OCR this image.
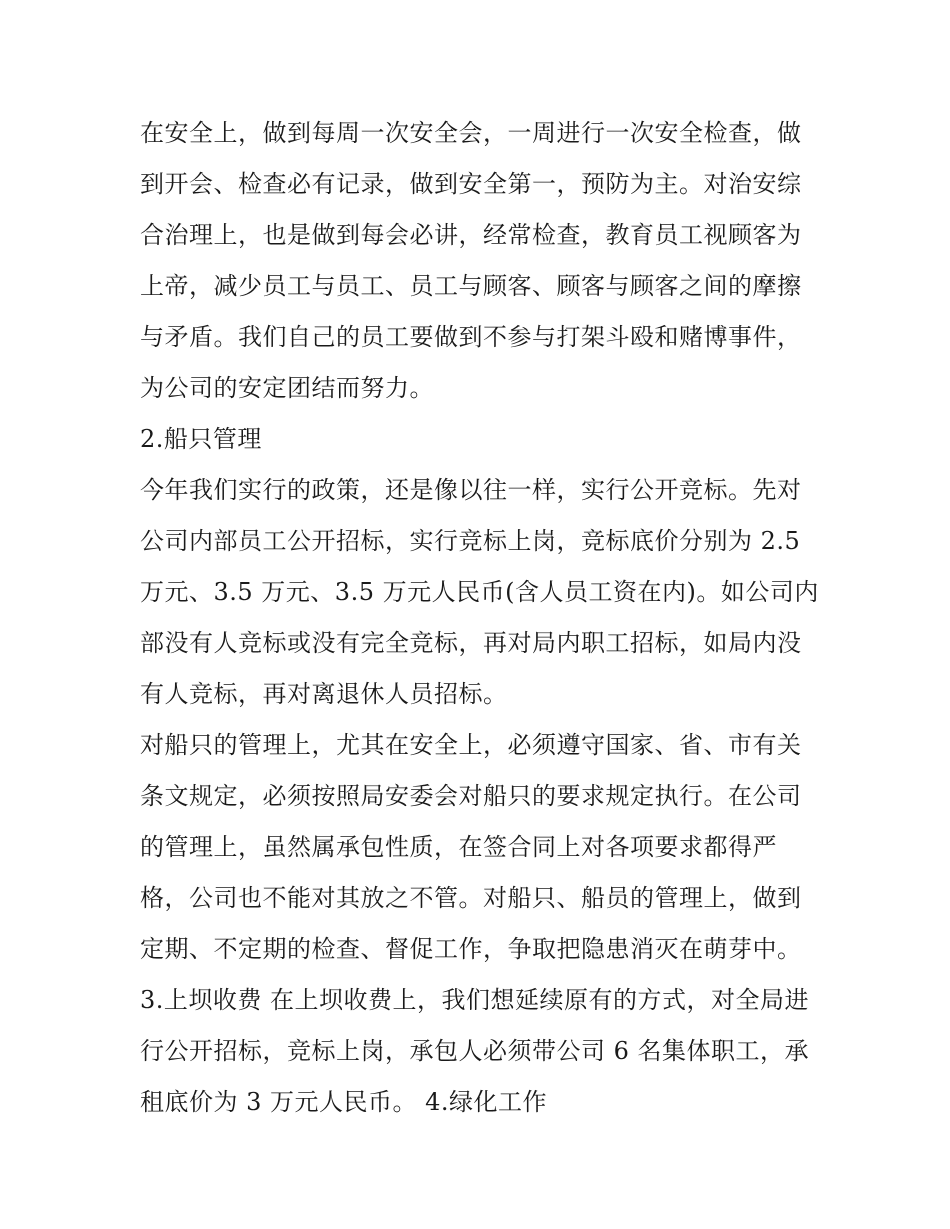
在安全上，做到每周一次安全会，一周进行一次安全检查，做
到开会、检查必有记录，做到安全第一，预防为主。对治安综
合治理上，也是做到每会必讲，经常检查，教育员工视顾客为
上帝，减少员工与员工、员工与顾客、顾客与顾客之间的摩擦
与矛盾。我们自己的员工要做到不参与打架斗殴和赌博事件，
为公司的安定团结而努力。
2.船只管理
今年我们实行的政策，还是像以往一样，实行公开竞标。先对
公司内部员工公开招标，实行竞标上岗，竞标底价分别为 2.5
万元、3.5 万元、3.5 万元人民币(含人员工资在内)。如公司内
部没有人竞标或没有完全竞标，再对局内职工招标，如局内没
有人竞标，再对离退休人员招标。
对船只的管理上，尤其在安全上，必须遵守国家、省、市有关
条文规定，必须按照局安委会对船只的要求规定执行。在公司
的管理上，虽然属承包性质，在签合同上对各项要求都得严
格，公司也不能对其放之不管。对船只、船员的管理上，做到
定期、不定期的检查、督促工作，争取把隐患消灭在萌芽中。
3.上坝收费 在上坝收费上，我们想延续原有的方式，对全局进
行公开招标，竞标上岗，承包人必须带公司 6 名集体职工，承
租底价为 3 万元人民币。 4.绿化工作
